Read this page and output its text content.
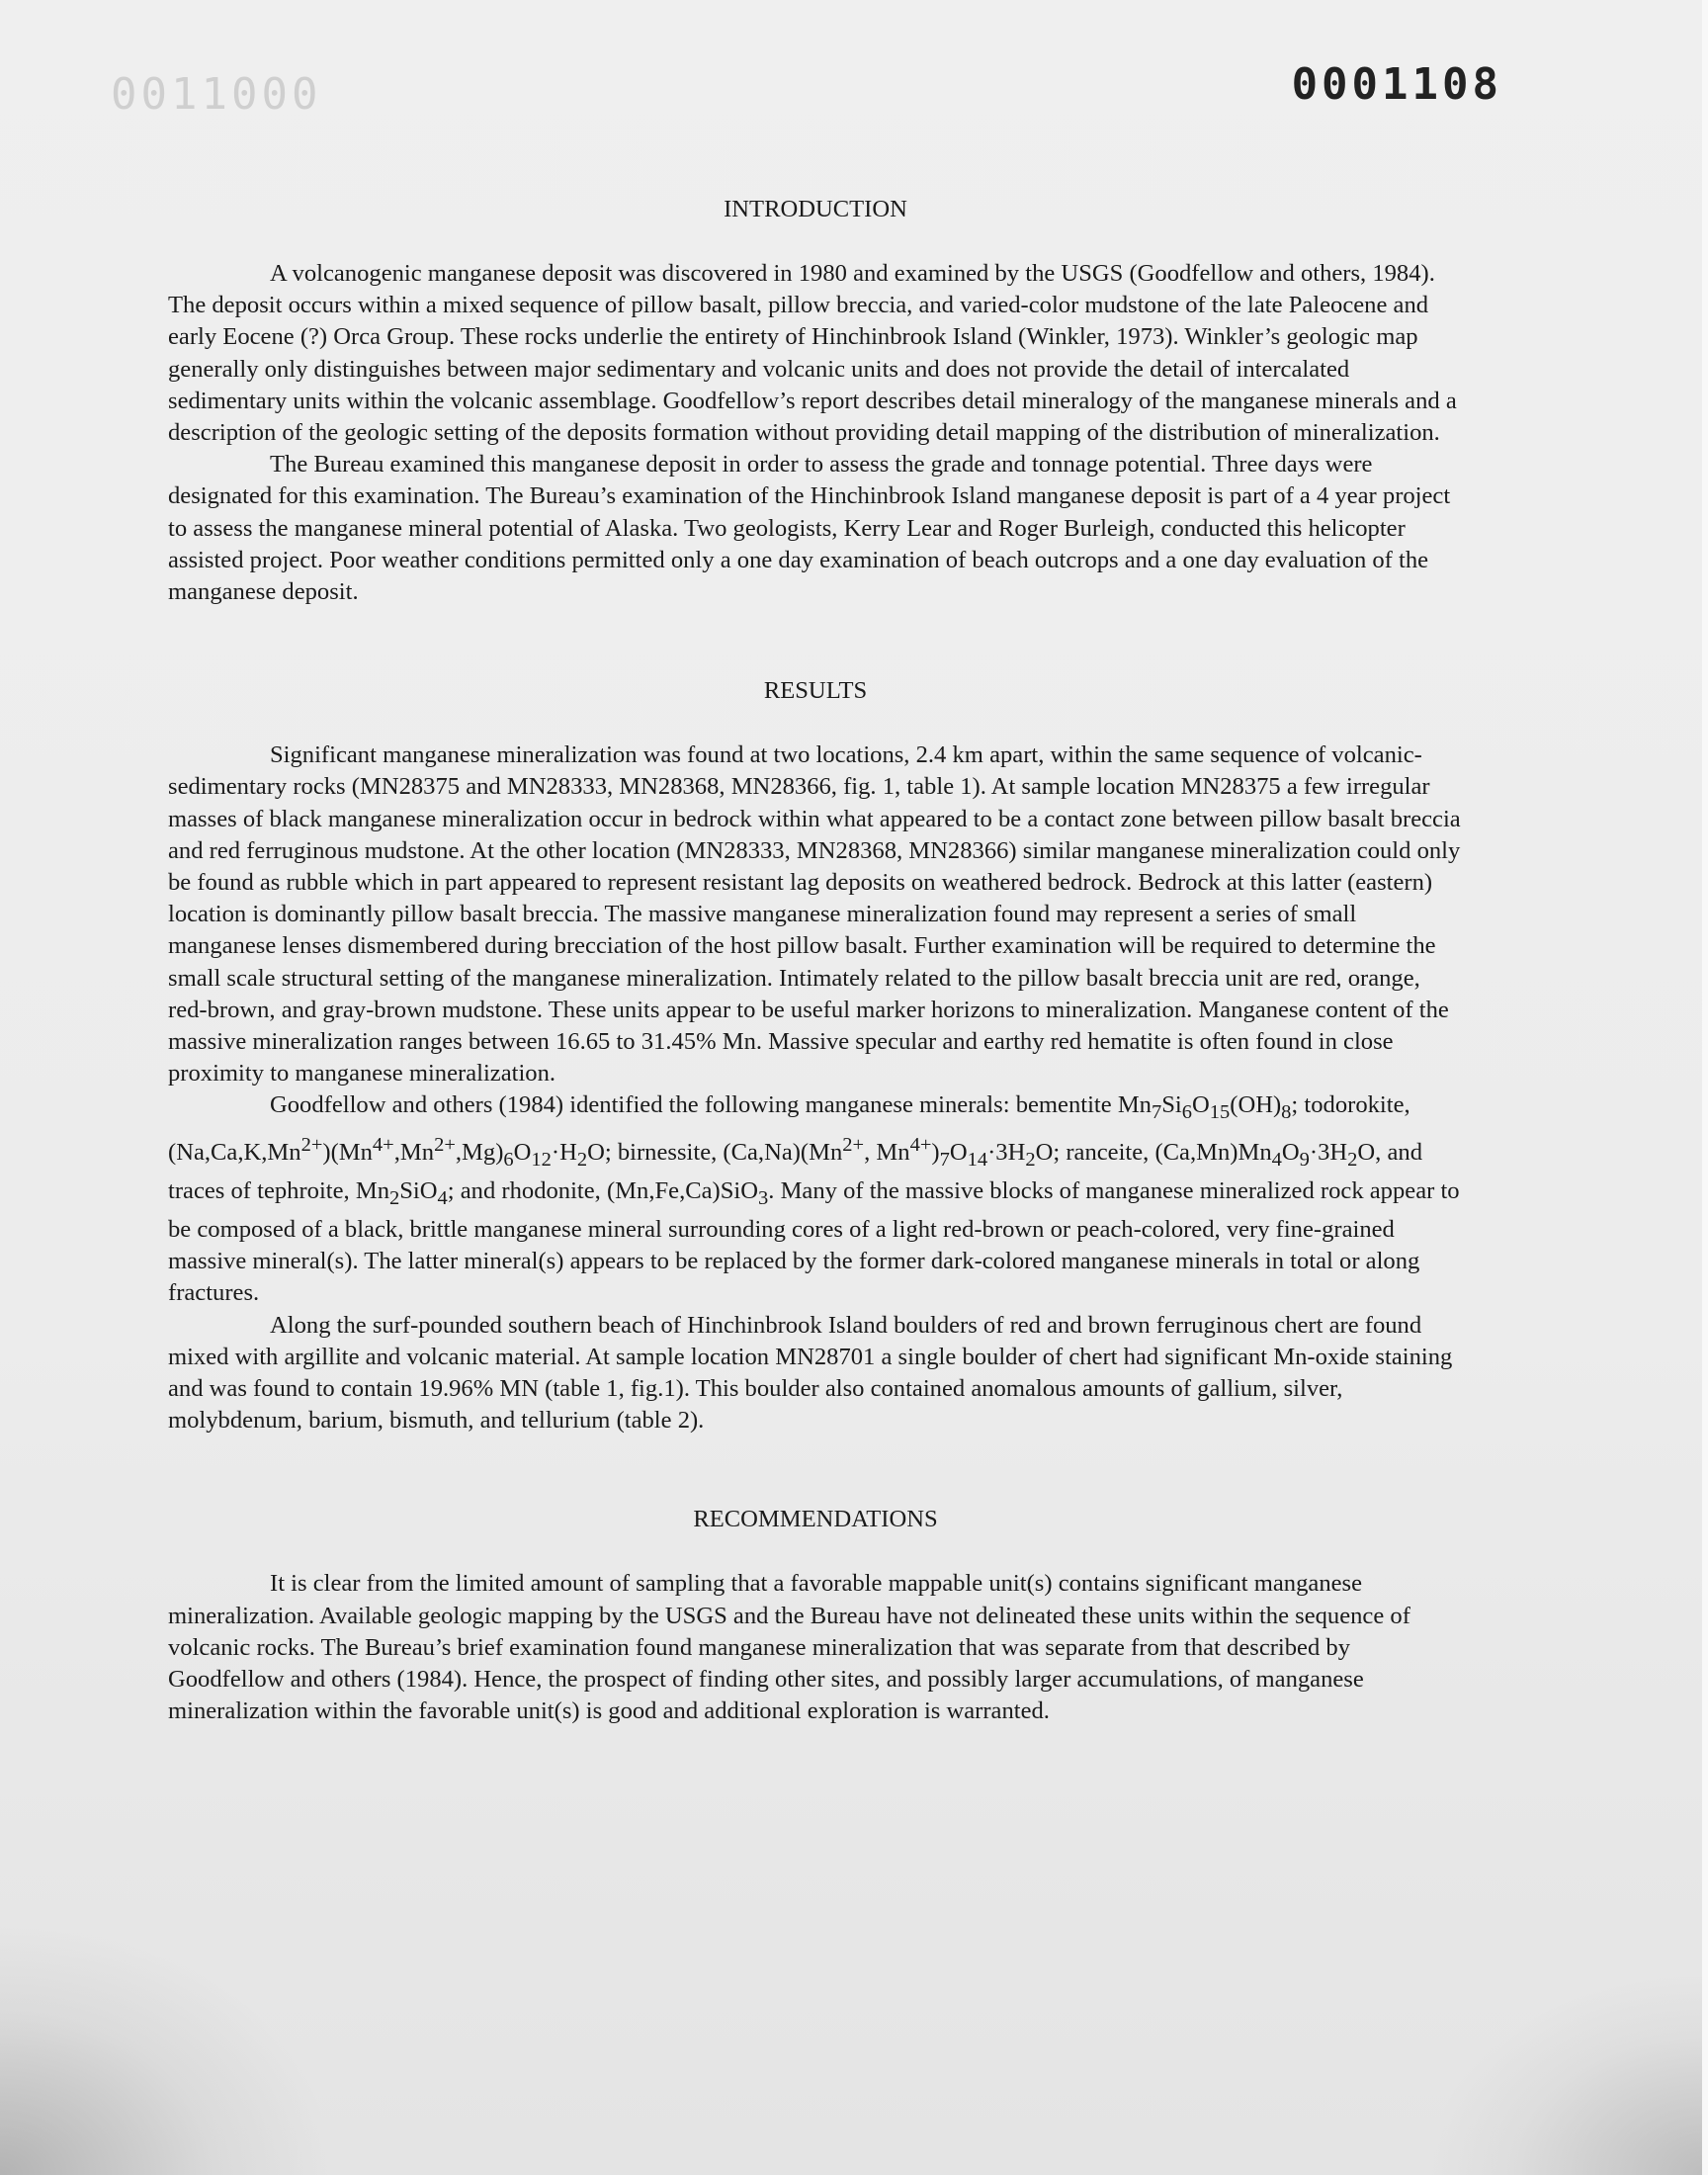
0011000	0001108
INTRODUCTION

A volcanogenic manganese deposit was discovered in 1980 and examined by the USGS (Goodfellow and others, 1984). The deposit occurs within a mixed sequence of pillow basalt, pillow breccia, and varied-color mudstone of the late Paleocene and early Eocene (?) Orca Group. These rocks underlie the entirety of Hinchinbrook Island (Winkler, 1973). Winkler’s geologic map generally only distinguishes between major sedimentary and volcanic units and does not provide the detail of intercalated sedimentary units within the volcanic assemblage. Goodfellow’s report describes detail mineralogy of the manganese minerals and a description of the geologic setting of the deposits formation without providing detail mapping of the distribution of mineralization.

The Bureau examined this manganese deposit in order to assess the grade and tonnage potential. Three days were designated for this examination. The Bureau’s examination of the Hinchinbrook Island manganese deposit is part of a 4 year project to assess the manganese mineral potential of Alaska. Two geologists, Kerry Lear and Roger Burleigh, conducted this helicopter assisted project. Poor weather conditions permitted only a one day examination of beach outcrops and a one day evaluation of the manganese deposit.

RESULTS

Significant manganese mineralization was found at two locations, 2.4 km apart, within the same sequence of volcanic-sedimentary rocks (MN28375 and MN28333, MN28368, MN28366, fig. 1, table 1). At sample location MN28375 a few irregular masses of black manganese mineralization occur in bedrock within what appeared to be a contact zone between pillow basalt breccia and red ferruginous mudstone. At the other location (MN28333, MN28368, MN28366) similar manganese mineralization could only be found as rubble which in part appeared to represent resistant lag deposits on weathered bedrock. Bedrock at this latter (eastern) location is dominantly pillow basalt breccia. The massive manganese mineralization found may represent a series of small manganese lenses dismembered during brecciation of the host pillow basalt. Further examination will be required to determine the small scale structural setting of the manganese mineralization. Intimately related to the pillow basalt breccia unit are red, orange, red-brown, and gray-brown mudstone. These units appear to be useful marker horizons to mineralization. Manganese content of the massive mineralization ranges between 16.65 to 31.45% Mn. Massive specular and earthy red hematite is often found in close proximity to manganese mineralization.

Goodfellow and others (1984) identified the following manganese minerals: bementite $Mn_7Si_6O_{15}(OH)_8$; todorokite, $(Na,Ca,K,Mn^{2+})(Mn^{4+},Mn^{2+},Mg)_6O_{12}\cdot H_2O$; birnessite, $(Ca,Na)(Mn^{2+}$, $Mn^{4+})_7O_{14}\cdot 3H_2O$; ranceite, $(Ca,Mn)Mn_4O_9\cdot 3H_2O$, and traces of tephroite, $Mn_2SiO_4$; and rhodonite, (Mn,Fe,Ca)SiO$_3$. Many of the massive blocks of manganese mineralized rock appear to be composed of a black, brittle manganese mineral surrounding cores of a light red-brown or peach-colored, very fine-grained massive mineral(s). The latter mineral(s) appears to be replaced by the former dark-colored manganese minerals in total or along fractures.

Along the surf-pounded southern beach of Hinchinbrook Island boulders of red and brown ferruginous chert are found mixed with argillite and volcanic material. At sample location MN28701 a single boulder of chert had significant Mn-oxide staining and was found to contain 19.96% MN (table 1, fig.1). This boulder also contained anomalous amounts of gallium, silver, molybdenum, barium, bismuth, and tellurium (table 2).

RECOMMENDATIONS

It is clear from the limited amount of sampling that a favorable mappable unit(s) contains significant manganese mineralization. Available geologic mapping by the USGS and the Bureau have not delineated these units within the sequence of volcanic rocks. The Bureau’s brief examination found manganese mineralization that was separate from that described by Goodfellow and others (1984). Hence, the prospect of finding other sites, and possibly larger accumulations, of manganese mineralization within the favorable unit(s) is good and additional exploration is warranted.
